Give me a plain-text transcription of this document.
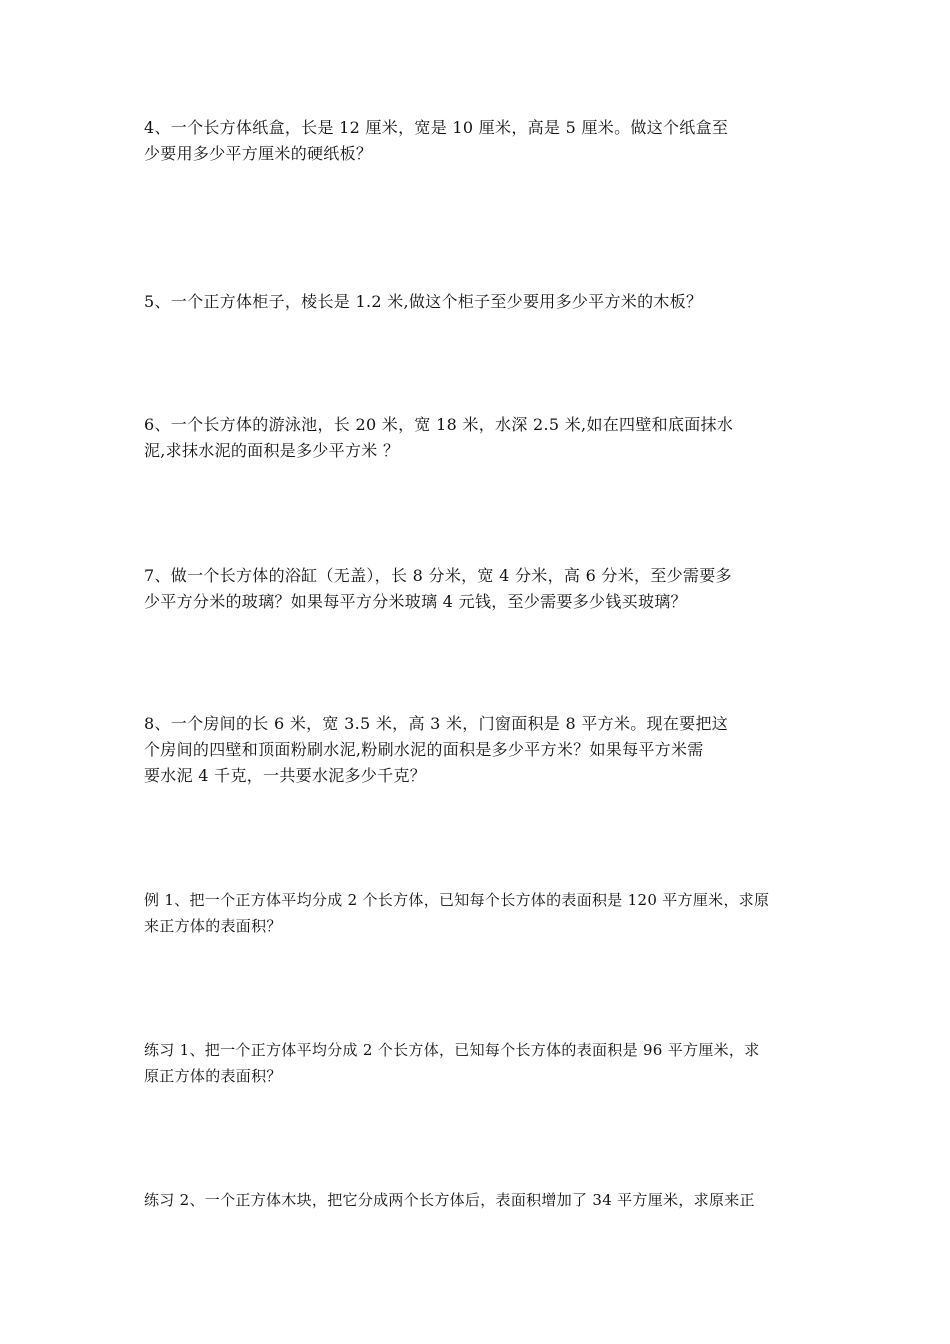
4、一个长方体纸盒，长是 12 厘米，宽是 10 厘米，高是 5 厘米。做这个纸盒至
少要用多少平方厘米的硬纸板？
5、一个正方体柜子，棱长是 1.2 米,做这个柜子至少要用多少平方米的木板？
6、一个长方体的游泳池，长 20 米，宽 18 米，水深 2.5 米,如在四壁和底面抹水
泥,求抹水泥的面积是多少平方米 ？
7、做一个长方体的浴缸（无盖），长 8 分米，宽 4 分米，高 6 分米，至少需要多
少平方分米的玻璃？如果每平方分米玻璃 4 元钱，至少需要多少钱买玻璃？
8、一个房间的长 6 米，宽 3.5 米，高 3 米，门窗面积是 8 平方米。现在要把这
个房间的四壁和顶面粉刷水泥,粉刷水泥的面积是多少平方米？如果每平方米需
要水泥 4 千克，一共要水泥多少千克？
例 1、把一个正方体平均分成 2 个长方体，已知每个长方体的表面积是 120 平方厘米，求原
来正方体的表面积？
练习 1、把一个正方体平均分成 2 个长方体，已知每个长方体的表面积是 96 平方厘米，求
原正方体的表面积？
练习 2、一个正方体木块，把它分成两个长方体后，表面积增加了 34 平方厘米，求原来正
